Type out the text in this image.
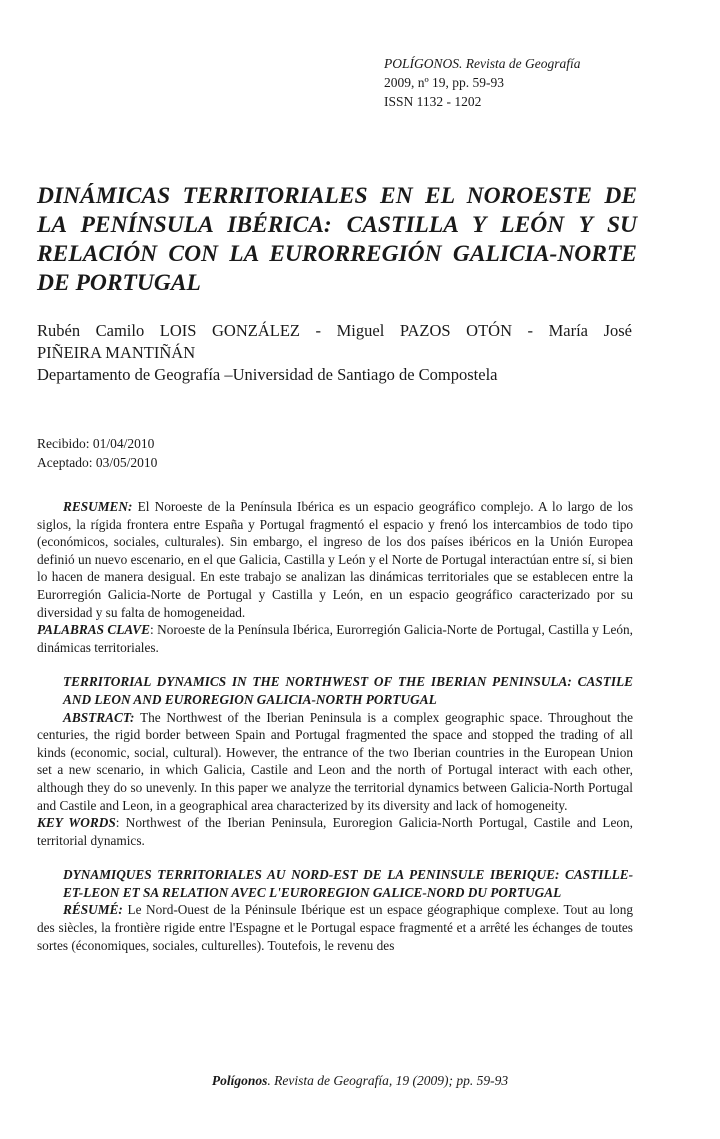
POLÍGONOS. Revista de Geografía
2009, nº 19, pp. 59-93
ISSN 1132 - 1202
DINÁMICAS TERRITORIALES EN EL NOROESTE DE LA PENÍNSULA IBÉRICA: CASTILLA Y LEÓN Y SU RELACIÓN CON LA EURORREGIÓN GALICIA-NORTE DE PORTUGAL
Rubén Camilo LOIS GONZÁLEZ - Miguel PAZOS OTÓN - María José
PIÑEIRA MANTIÑÁN
Departamento de Geografía –Universidad de Santiago de Compostela
Recibido: 01/04/2010
Aceptado: 03/05/2010

RESUMEN: El Noroeste de la Península Ibérica es un espacio geográfico complejo. A lo largo de los siglos, la rígida frontera entre España y Portugal fragmentó el espacio y frenó los intercambios de todo tipo (económicos, sociales, culturales). Sin embargo, el ingreso de los dos países ibéricos en la Unión Europea definió un nuevo escenario, en el que Galicia, Castilla y León y el Norte de Portugal interactúan entre sí, si bien lo hacen de manera desigual. En este trabajo se analizan las dinámicas territoriales que se establecen entre la Eurorregión Galicia-Norte de Portugal y Castilla y León, en un espacio geográfico caracterizado por su diversidad y su falta de homogeneidad.

PALABRAS CLAVE: Noroeste de la Península Ibérica, Eurorregión Galicia-Norte de Portugal, Castilla y León, dinámicas territoriales.

TERRITORIAL DYNAMICS IN THE NORTHWEST OF THE IBERIAN PENINSULA: CASTILE AND LEON AND EUROREGION GALICIA-NORTH PORTUGAL

ABSTRACT: The Northwest of the Iberian Peninsula is a complex geographic space. Throughout the centuries, the rigid border between Spain and Portugal fragmented the space and stopped the trading of all kinds (economic, social, cultural). However, the entrance of the two Iberian countries in the European Union set a new scenario, in which Galicia, Castile and Leon and the north of Portugal interact with each other, although they do so unevenly. In this paper we analyze the territorial dynamics between Galicia-North Portugal and Castile and Leon, in a geographical area characterized by its diversity and lack of homogeneity.

KEY WORDS: Northwest of the Iberian Peninsula, Euroregion Galicia-North Portugal, Castile and Leon, territorial dynamics.

DYNAMIQUES TERRITORIALES AU NORD-EST DE LA PENINSULE IBERIQUE: CASTILLE-ET-LEON ET SA RELATION AVEC L'EUROREGION GALICE-NORD DU PORTUGAL

RÉSUMÉ: Le Nord-Ouest de la Péninsule Ibérique est un espace géographique complexe. Tout au long des siècles, la frontière rigide entre l'Espagne et le Portugal espace fragmenté et a arrêté les échanges de toutes sortes (économiques, sociales, culturelles). Toutefois, le revenu des

Polígonos. Revista de Geografía, 19 (2009); pp. 59-93
